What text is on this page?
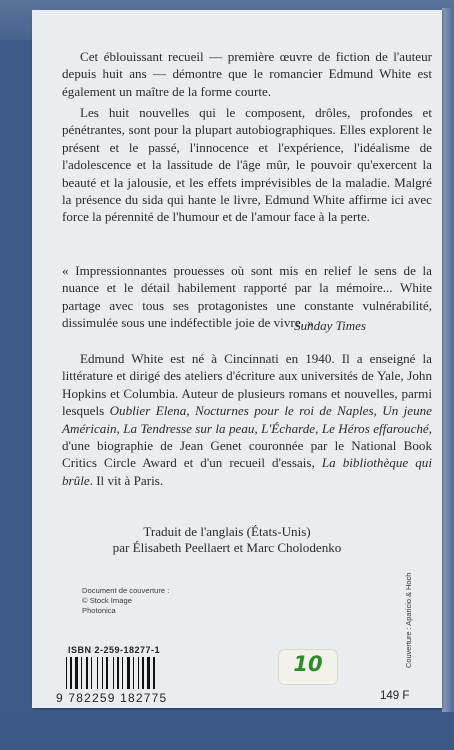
Cet éblouissant recueil — première œuvre de fiction de l'auteur depuis huit ans — démontre que le romancier Edmund White est également un maître de la forme courte.

Les huit nouvelles qui le composent, drôles, profondes et pénétrantes, sont pour la plupart autobiographiques. Elles explorent le présent et le passé, l'innocence et l'expérience, l'idéalisme de l'adolescence et la lassitude de l'âge mûr, le pouvoir qu'exercent la beauté et la jalousie, et les effets imprévisibles de la maladie. Malgré la présence du sida qui hante le livre, Edmund White affirme ici avec force la pérennité de l'humour et de l'amour face à la perte.

« Impressionnantes prouesses où sont mis en relief le sens de la nuance et le détail habilement rapporté par la mémoire... White partage avec tous ses protagonistes une constante vulnérabilité, dissimulée sous une indéfectible joie de vivre. »

Sunday Times

Edmund White est né à Cincinnati en 1940. Il a enseigné la littérature et dirigé des ateliers d'écriture aux universités de Yale, John Hopkins et Columbia. Auteur de plusieurs romans et nouvelles, parmi lesquels Oublier Elena, Nocturnes pour le roi de Naples, Un jeune Américain, La Tendresse sur la peau, L'Écharde, Le Héros effarouché, d'une biographie de Jean Genet couronnée par le National Book Critics Circle Award et d'un recueil d'essais, La bibliothèque qui brûle. Il vit à Paris.

Traduit de l'anglais (États-Unis)
par Élisabeth Peellaert et Marc Cholodenko
Document de couverture :
© Stock Image
Photonica
ISBN 2-259-18277-1
9 782259 182775
10
149 F
Couverture : Aparicio & Hoch
